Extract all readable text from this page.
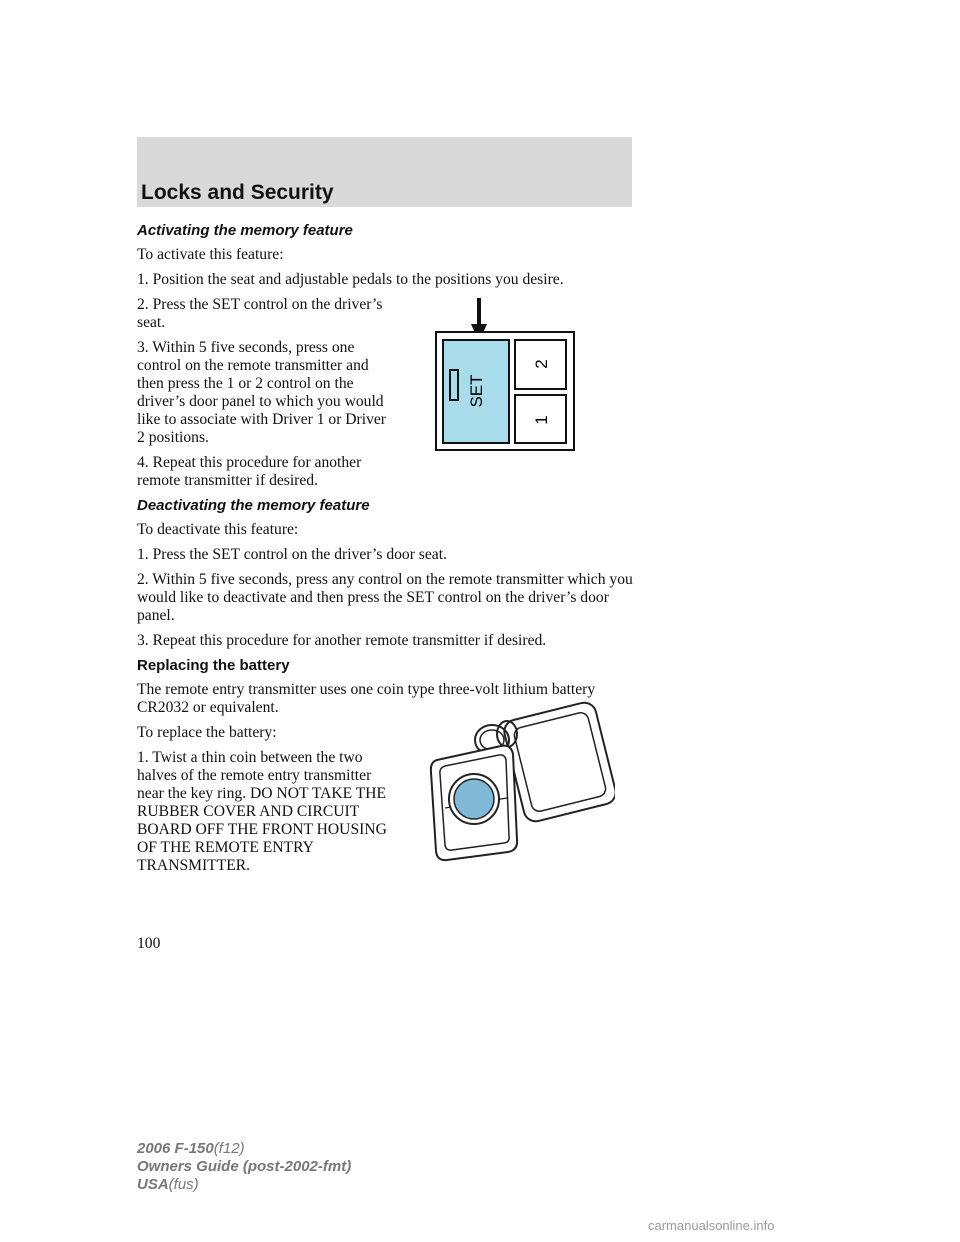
Locks and Security
Activating the memory feature

To activate this feature:

1. Position the seat and adjustable pedals to the positions you desire.

2. Press the SET control on the driver’s seat.

3. Within 5 five seconds, press one control on the remote transmitter and then press the 1 or 2 control on the driver’s door panel to which you would like to associate with Driver 1 or Driver 2 positions.

4. Repeat this procedure for another remote transmitter if desired.

Deactivating the memory feature

To deactivate this feature:

1. Press the SET control on the driver’s door seat.

2. Within 5 five seconds, press any control on the remote transmitter which you would like to deactivate and then press the SET control on the driver’s door panel.

3. Repeat this procedure for another remote transmitter if desired.

Replacing the battery

The remote entry transmitter uses one coin type three-volt lithium battery CR2032 or equivalent.

To replace the battery:

1. Twist a thin coin between the two halves of the remote entry transmitter near the key ring. DO NOT TAKE THE RUBBER COVER AND CIRCUIT BOARD OFF THE FRONT HOUSING OF THE REMOTE ENTRY TRANSMITTER.

SET
2
1
100
2006 F-150(f12)
Owners Guide (post-2002-fmt)
USA(fus)
carmanualsonline.info
